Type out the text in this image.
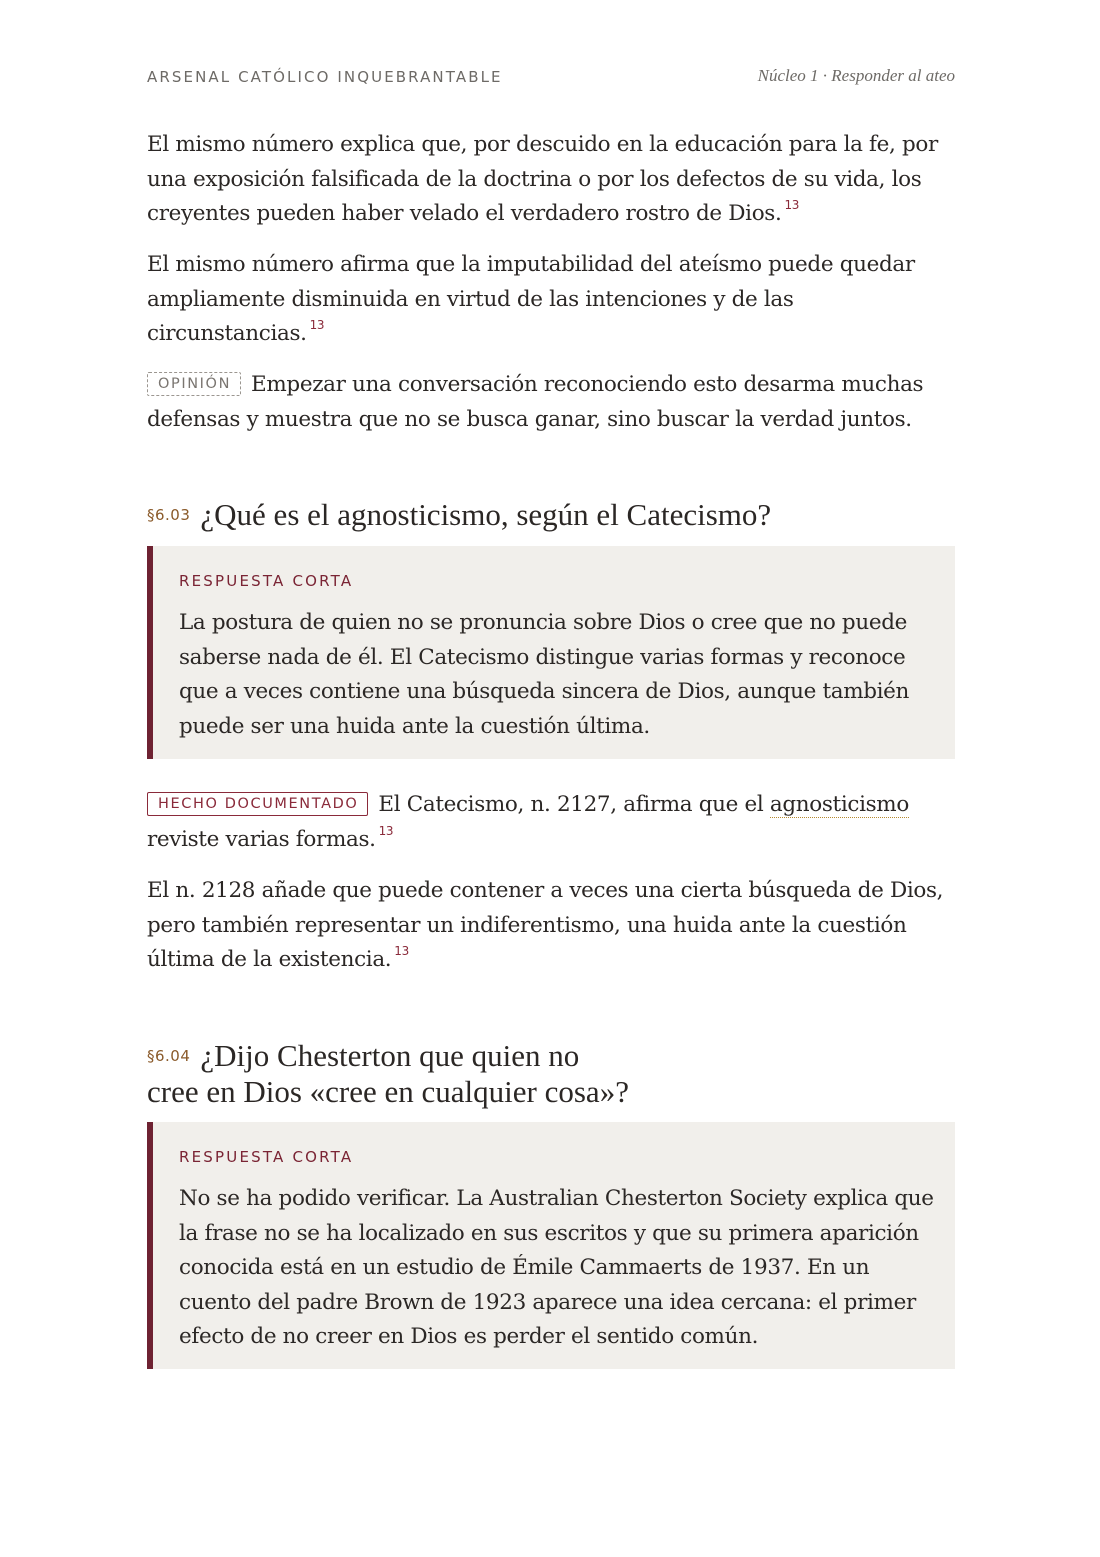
ARSENAL CATÓLICO INQUEBRANTABLE	Núcleo 1 · Responder al ateo

El mismo número explica que, por descuido en la educación para la fe, por una exposición falsificada de la doctrina o por los defectos de su vida, los creyentes pueden haber velado el verdadero rostro de Dios. $^{13}$

El mismo número afirma que la imputabilidad del ateísmo puede quedar ampliamente disminuida en virtud de las intenciones y de las circunstancias. $^{13}$

OPINIÓN Empezar una conversación reconociendo esto desarma muchas defensas y muestra que no se busca ganar, sino buscar la verdad juntos.

§6.03 ¿Qué es el agnosticismo, según el Catecismo?
RESPUESTA CORTA

La postura de quien no se pronuncia sobre Dios o cree que no puede saberse nada de él. El Catecismo distingue varias formas y reconoce que a veces contiene una búsqueda sincera de Dios, aunque también puede ser una huida ante la cuestión última.

HECHO DOCUMENTADO El Catecismo, n. 2127, afirma que el agnosticismo reviste varias formas. $^{13}$

El n. 2128 añade que puede contener a veces una cierta búsqueda de Dios, pero también representar un indiferentismo, una huida ante la cuestión última de la existencia. $^{13}$

§6.04 ¿Dijo Chesterton que quien no
cree en Dios «cree en cualquier cosa»?
RESPUESTA CORTA

No se ha podido verificar. La Australian Chesterton Society explica que la frase no se ha localizado en sus escritos y que su primera aparición conocida está en un estudio de Émile Cammaerts de 1937. En un cuento del padre Brown de 1923 aparece una idea cercana: el primer efecto de no creer en Dios es perder el sentido común.
